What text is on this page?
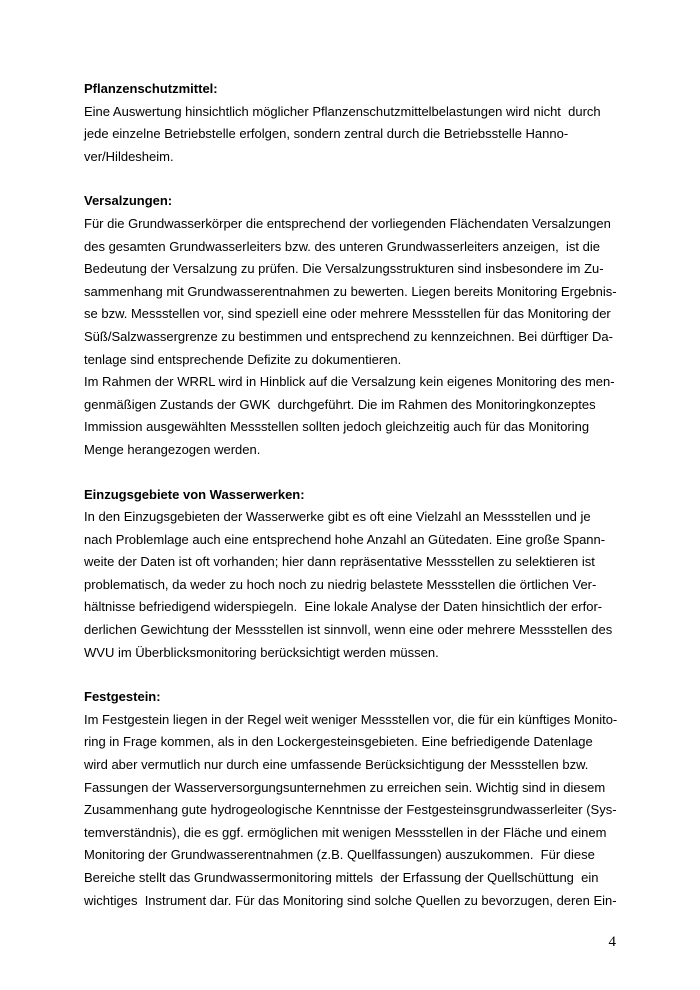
Pflanzenschutzmittel:
Eine Auswertung hinsichtlich möglicher Pflanzenschutzmittelbelastungen wird nicht  durch
jede einzelne Betriebstelle erfolgen, sondern zentral durch die Betriebsstelle Hanno-
ver/Hildesheim.
Versalzungen:
Für die Grundwasserkörper die entsprechend der vorliegenden Flächendaten Versalzungen
des gesamten Grundwasserleiters bzw. des unteren Grundwasserleiters anzeigen,  ist die
Bedeutung der Versalzung zu prüfen. Die Versalzungsstrukturen sind insbesondere im Zu-
sammenhang mit Grundwasserentnahmen zu bewerten. Liegen bereits Monitoring Ergebnis-
se bzw. Messstellen vor, sind speziell eine oder mehrere Messstellen für das Monitoring der
Süß/Salzwassergrenze zu bestimmen und entsprechend zu kennzeichnen. Bei dürftiger Da-
tenlage sind entsprechende Defizite zu dokumentieren.
Im Rahmen der WRRL wird in Hinblick auf die Versalzung kein eigenes Monitoring des men-
genmäßigen Zustands der GWK  durchgeführt. Die im Rahmen des Monitoringkonzeptes
Immission ausgewählten Messstellen sollten jedoch gleichzeitig auch für das Monitoring
Menge herangezogen werden.
Einzugsgebiete von Wasserwerken:
In den Einzugsgebieten der Wasserwerke gibt es oft eine Vielzahl an Messstellen und je
nach Problemlage auch eine entsprechend hohe Anzahl an Gütedaten. Eine große Spann-
weite der Daten ist oft vorhanden; hier dann repräsentative Messstellen zu selektieren ist
problematisch, da weder zu hoch noch zu niedrig belastete Messstellen die örtlichen Ver-
hältnisse befriedigend widerspiegeln.  Eine lokale Analyse der Daten hinsichtlich der erfor-
derlichen Gewichtung der Messstellen ist sinnvoll, wenn eine oder mehrere Messstellen des
WVU im Überblicksmonitoring berücksichtigt werden müssen.
Festgestein:
Im Festgestein liegen in der Regel weit weniger Messstellen vor, die für ein künftiges Monito-
ring in Frage kommen, als in den Lockergesteinsgebieten. Eine befriedigende Datenlage
wird aber vermutlich nur durch eine umfassende Berücksichtigung der Messstellen bzw.
Fassungen der Wasserversorgungsunternehmen zu erreichen sein. Wichtig sind in diesem
Zusammenhang gute hydrogeologische Kenntnisse der Festgesteinsgrundwasserleiter (Sys-
temverständnis), die es ggf. ermöglichen mit wenigen Messstellen in der Fläche und einem
Monitoring der Grundwasserentnahmen (z.B. Quellfassungen) auszukommen.  Für diese
Bereiche stellt das Grundwassermonitoring mittels  der Erfassung der Quellschüttung  ein
wichtiges  Instrument dar. Für das Monitoring sind solche Quellen zu bevorzugen, deren Ein-
4
